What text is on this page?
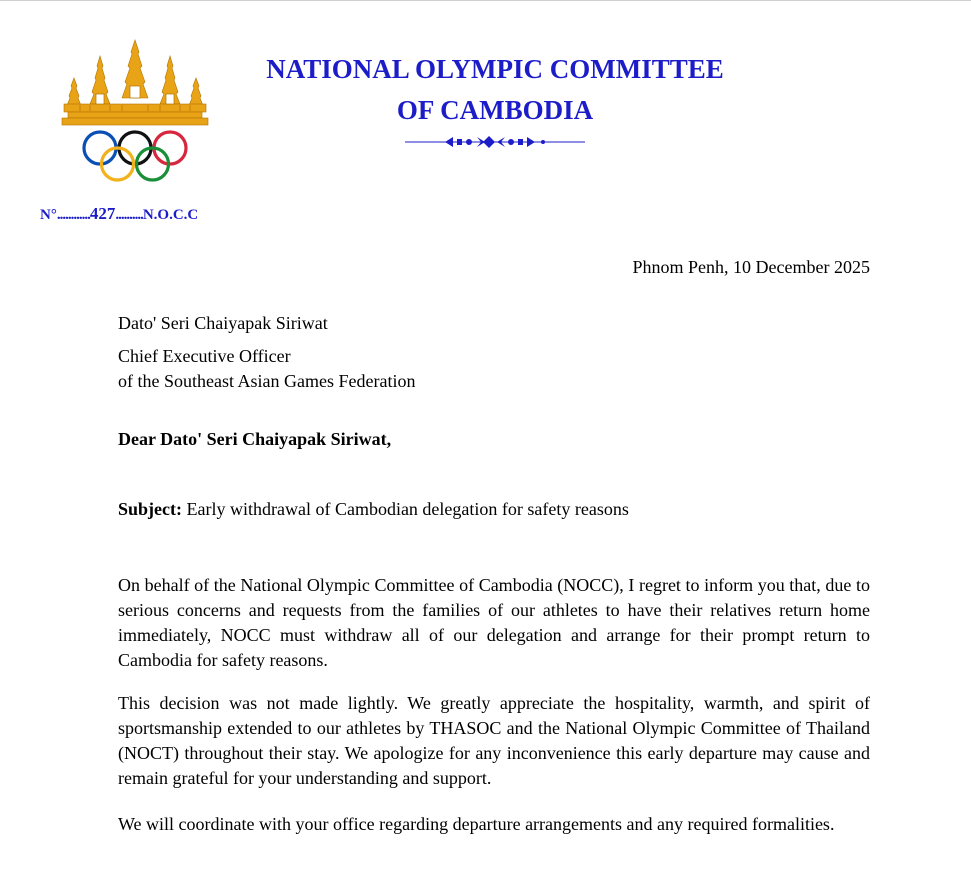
NATIONAL OLYMPIC COMMITTEE
OF CAMBODIA
N°............427..........N.O.C.C
Phnom Penh, 10 December 2025
Dato' Seri Chaiyapak Siriwat
Chief Executive Officer
of the Southeast Asian Games Federation
Dear Dato' Seri Chaiyapak Siriwat,
Subject: Early withdrawal of Cambodian delegation for safety reasons
On behalf of the National Olympic Committee of Cambodia (NOCC), I regret to inform you that, due to serious concerns and requests from the families of our athletes to have their relatives return home immediately, NOCC must withdraw all of our delegation and arrange for their prompt return to Cambodia for safety reasons.
This decision was not made lightly. We greatly appreciate the hospitality, warmth, and spirit of sportsmanship extended to our athletes by THASOC and the National Olympic Committee of Thailand (NOCT) throughout their stay. We apologize for any inconvenience this early departure may cause and remain grateful for your understanding and support.
We will coordinate with your office regarding departure arrangements and any required formalities.
